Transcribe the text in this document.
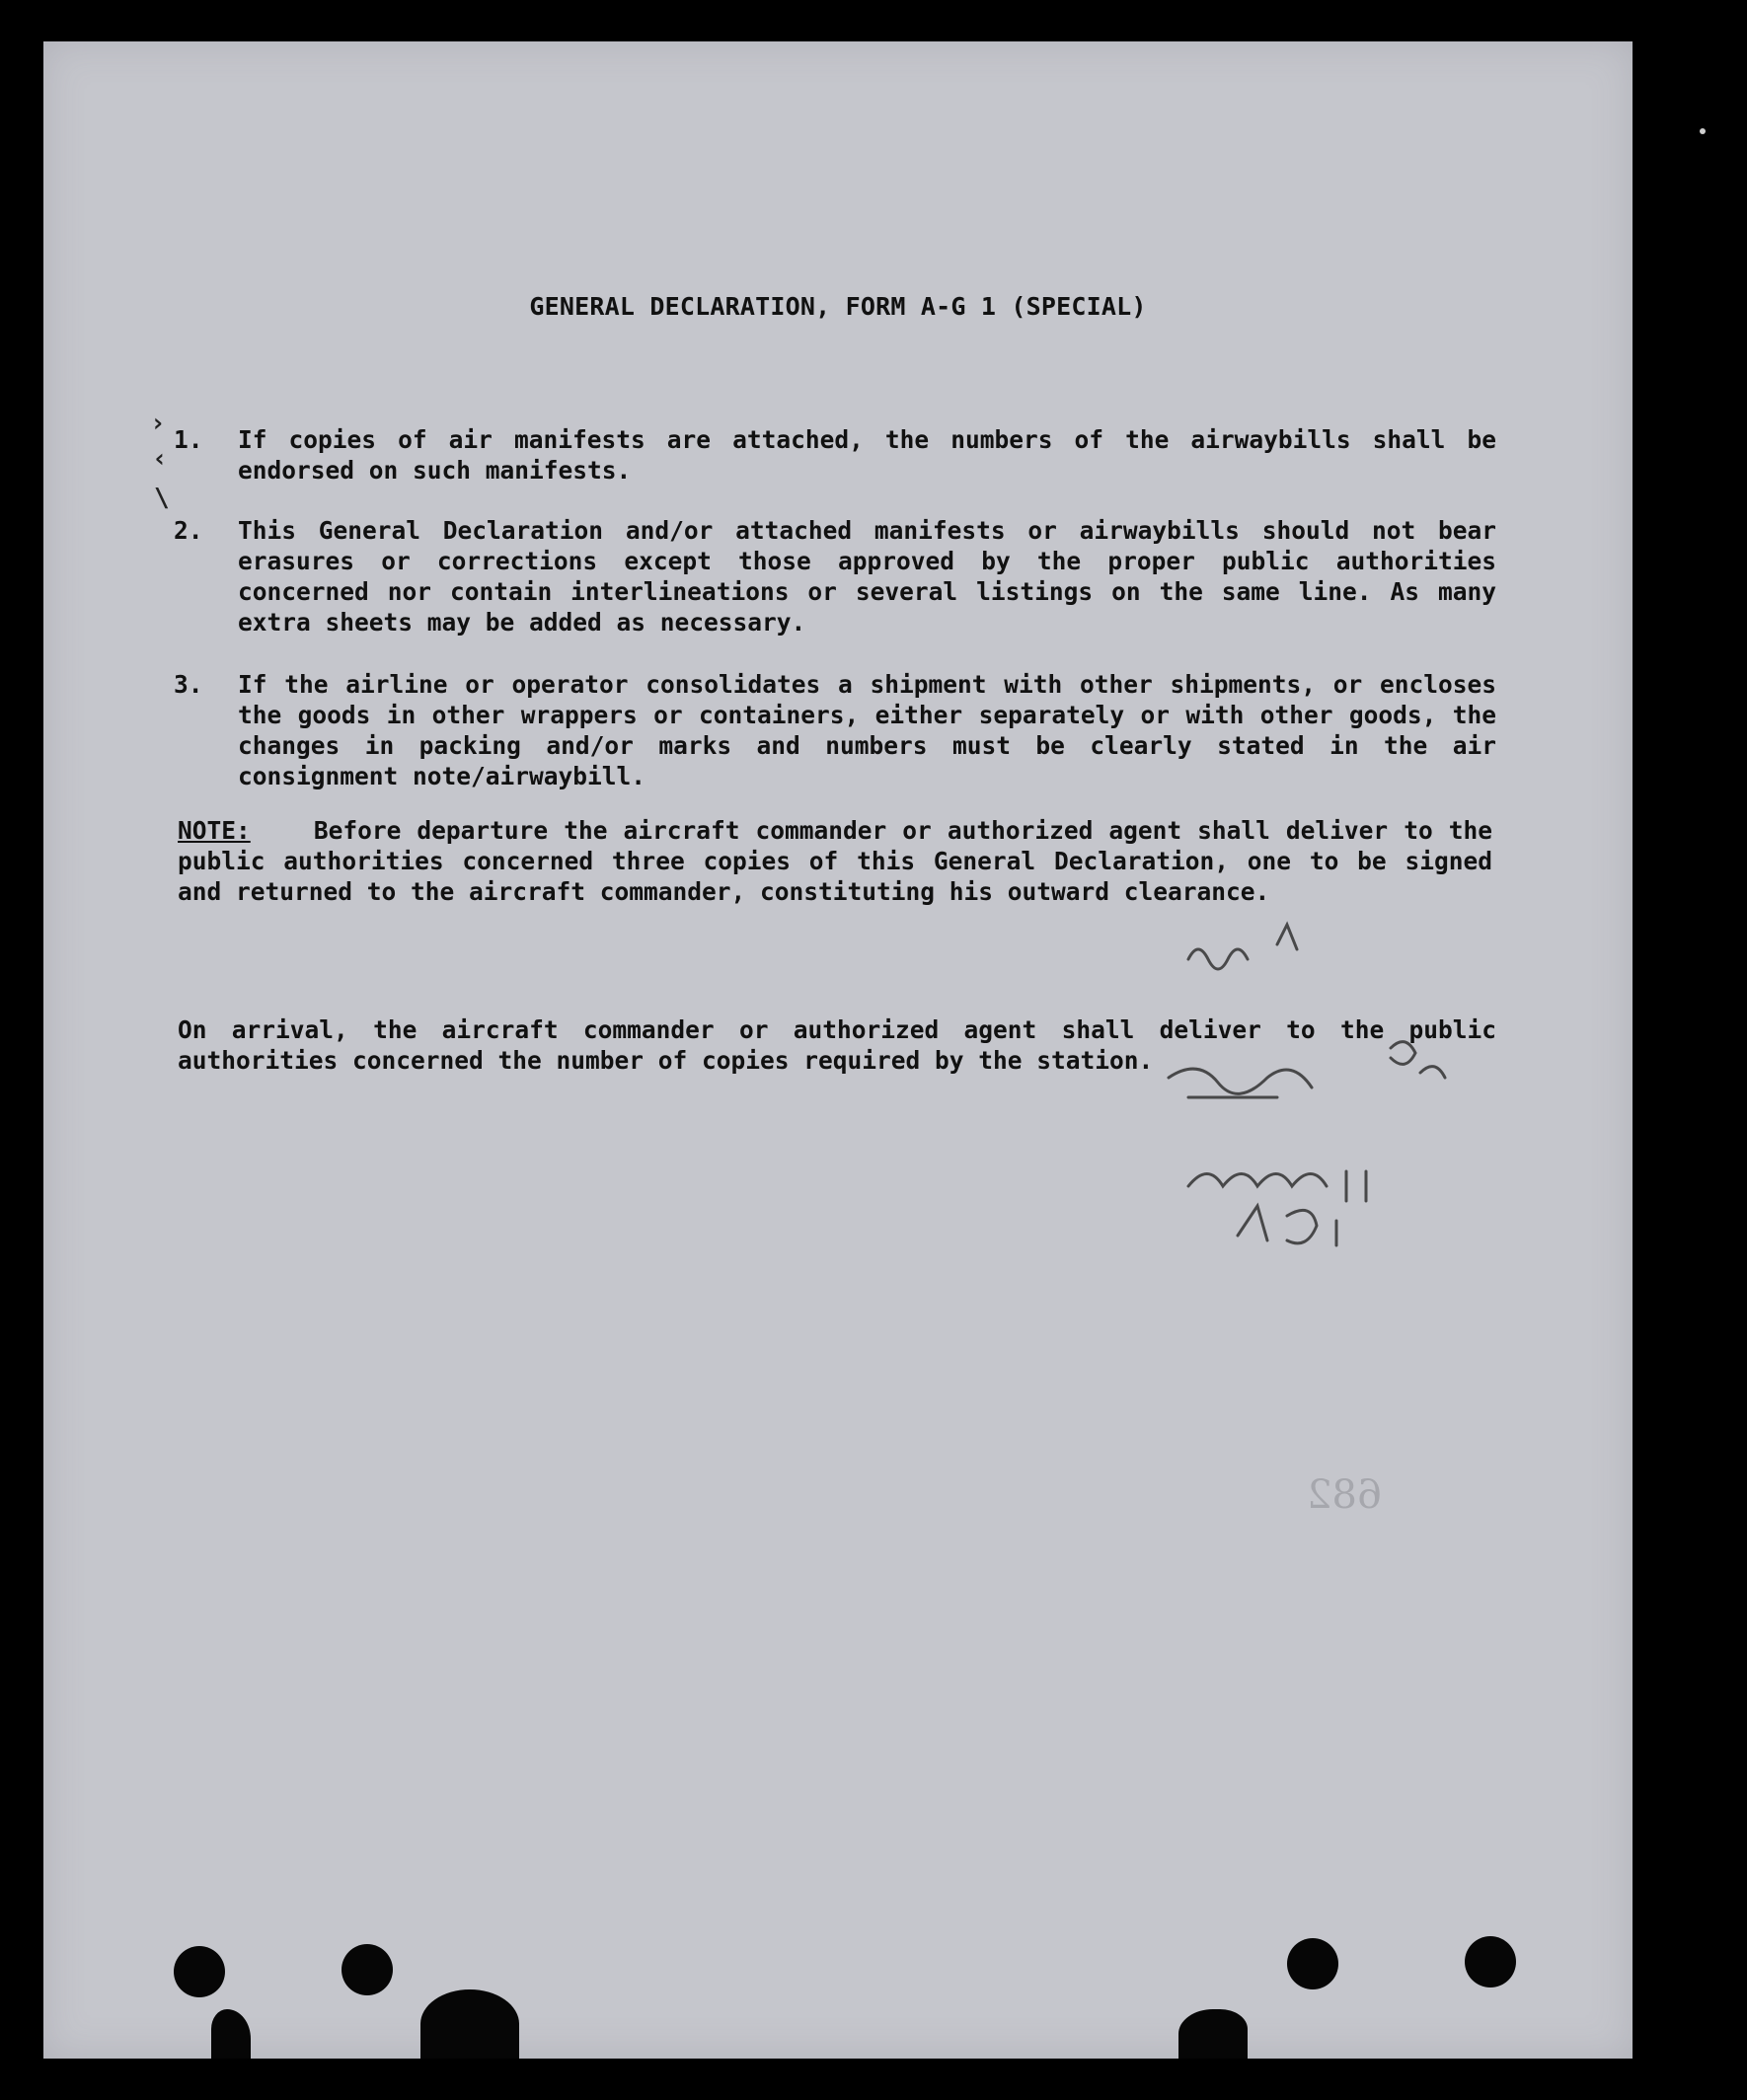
GENERAL DECLARATION, FORM A-G 1 (SPECIAL)
1. If copies of air manifests are attached, the numbers of the airwaybills shall be endorsed on such manifests.
2. This General Declaration and/or attached manifests or airwaybills should not bear erasures or corrections except those approved by the proper public authorities concerned nor contain interlineations or several listings on the same line. As many extra sheets may be added as necessary.
3. If the airline or operator consolidates a shipment with other shipments, or encloses the goods in other wrappers or containers, either separately or with other goods, the changes in packing and/or marks and numbers must be clearly stated in the air consignment note/airwaybill.
NOTE:	Before departure the aircraft commander or authorized agent shall deliver to the public authorities concerned three copies of this General Declaration, one to be signed and returned to the aircraft commander, constituting his outward clearance.
On arrival, the aircraft commander or authorized agent shall deliver to the public authorities concerned the number of copies required by the station.
›
‹
\
682
